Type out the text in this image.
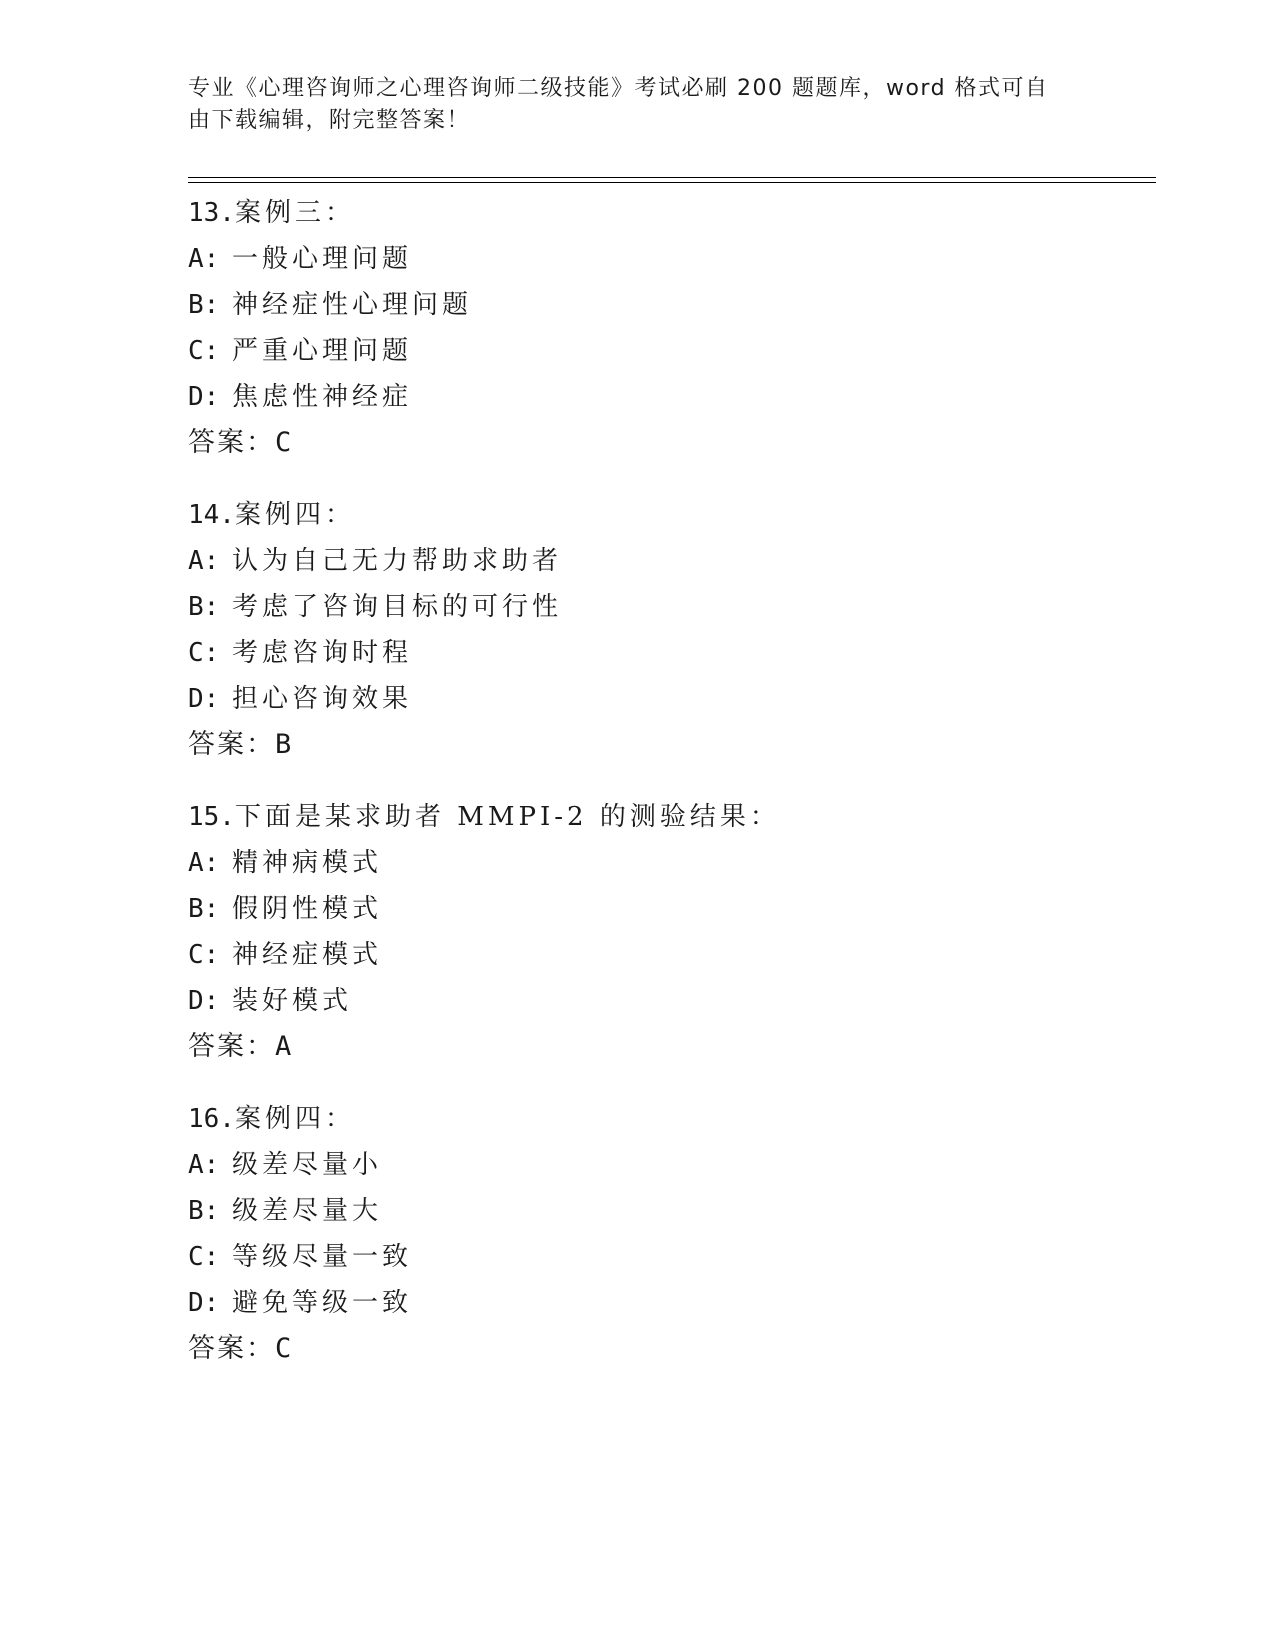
专业《心理咨询师之心理咨询师二级技能》考试必刷 200 题题库，word 格式可自
由下载编辑，附完整答案！
13.案例三：
A: 一般心理问题
B: 神经症性心理问题
C: 严重心理问题
D: 焦虑性神经症
答案：C
14.案例四：
A: 认为自己无力帮助求助者
B: 考虑了咨询目标的可行性
C: 考虑咨询时程
D: 担心咨询效果
答案：B
15.下面是某求助者 MMPI-2 的测验结果：
A: 精神病模式
B: 假阴性模式
C: 神经症模式
D: 装好模式
答案：A
16.案例四：
A: 级差尽量小
B: 级差尽量大
C: 等级尽量一致
D: 避免等级一致
答案：C
